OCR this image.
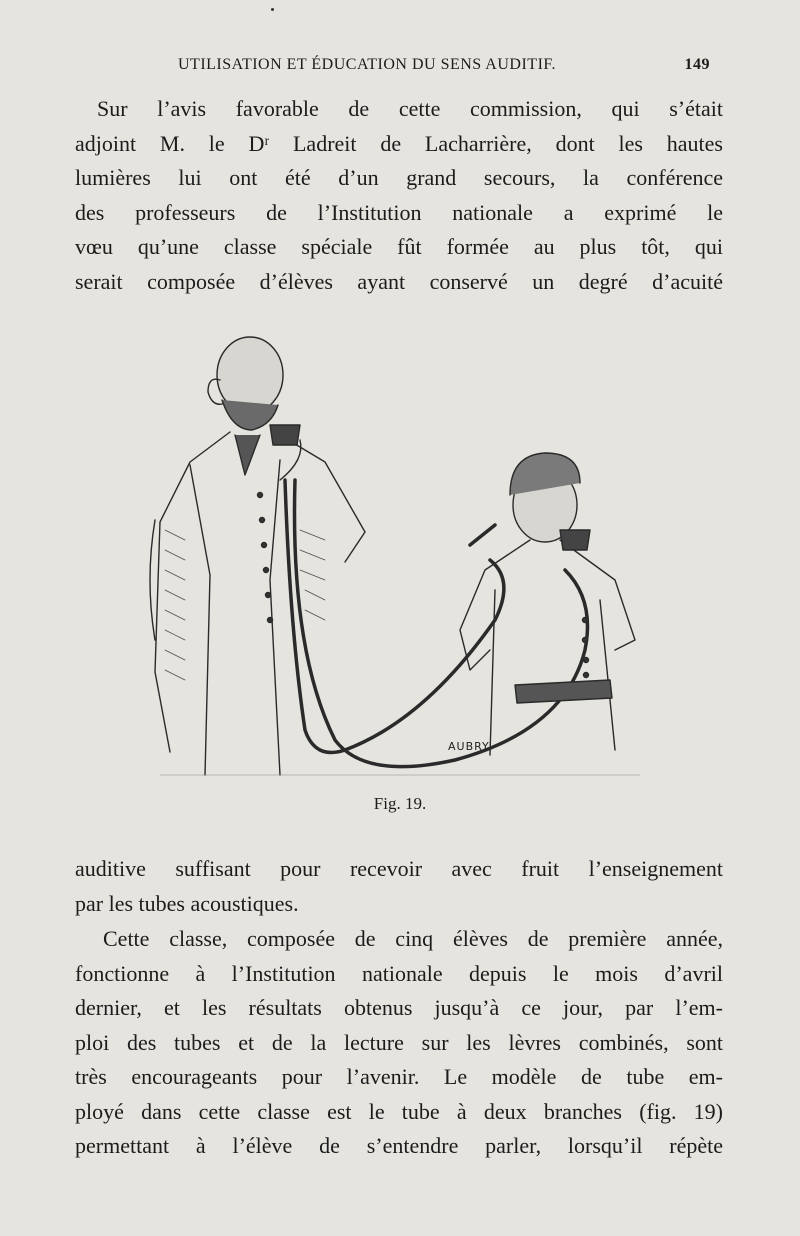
UTILISATION ET ÉDUCATION DU SENS AUDITIF.	149
Sur l’avis favorable de cette commission, qui s’était
adjoint M. le Dʳ Ladreit de Lacharrière, dont les hautes
lumières lui ont été d’un grand secours, la conférence
des professeurs de l’Institution nationale a exprimé le
vœu qu’une classe spéciale fût formée au plus tôt, qui
serait composée d’élèves ayant conservé un degré d’acuité
AUBRY
Fig. 19.
auditive suffisant pour recevoir avec fruit l’enseignement
par les tubes acoustiques.
Cette classe, composée de cinq élèves de première année,
fonctionne à l’Institution nationale depuis le mois d’avril
dernier, et les résultats obtenus jusqu’à ce jour, par l’em-
ploi des tubes et de la lecture sur les lèvres combinés, sont
très encourageants pour l’avenir. Le modèle de tube em-
ployé dans cette classe est le tube à deux branches (fig. 19)
permettant à l’élève de s’entendre parler, lorsqu’il répète
